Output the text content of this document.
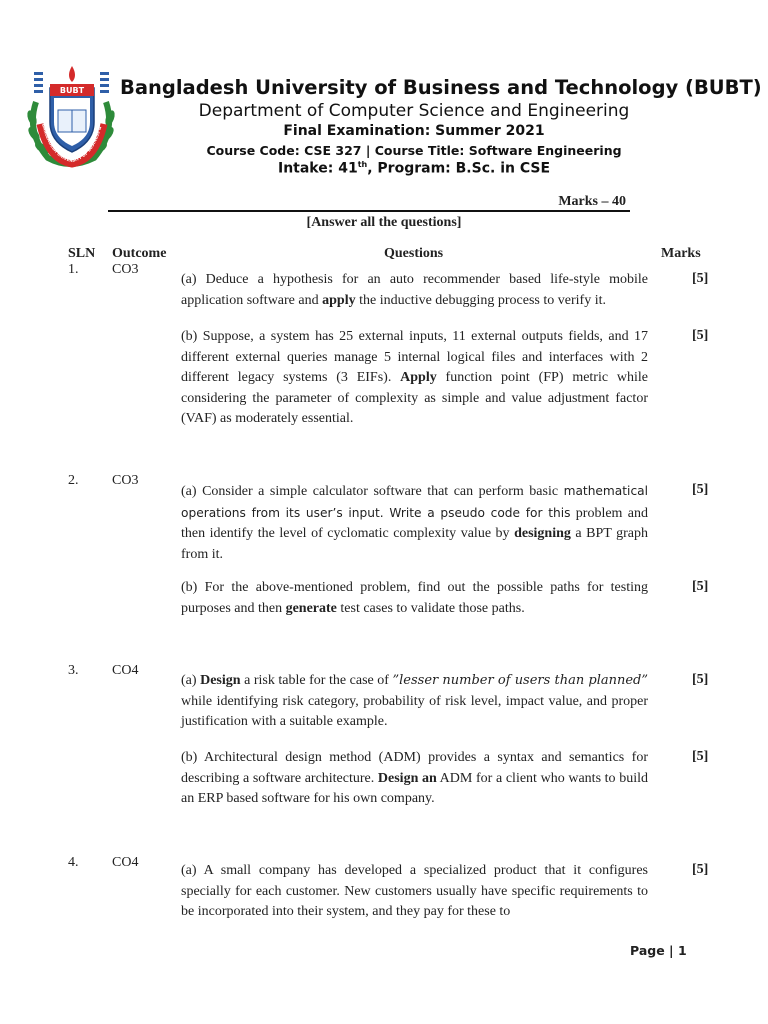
BUBT
BANGLADESH UNIVERSITY OF BUSINESS &
Bangladesh University of Business and Technology (BUBT)
Department of Computer Science and Engineering
Final Examination: Summer 2021
Course Code: CSE 327 | Course Title: Software Engineering
Intake: 41th, Program: B.Sc. in CSE
Marks – 40
[Answer all the questions]
SLN Outcome	Questions	Marks
1. CO3
(a) Deduce a hypothesis for an auto recommender based life-style mobile application software and apply the inductive debugging process to verify it.
[5]
(b) Suppose, a system has 25 external inputs, 11 external outputs fields, and 17 different external queries manage 5 internal logical files and interfaces with 2 different legacy systems (3 EIFs). Apply function point (FP) metric while considering the parameter of complexity as simple and value adjustment factor (VAF) as moderately essential.
[5]
2. CO3
(a) Consider a simple calculator software that can perform basic mathematical operations from its user’s input. Write a pseudo code for this problem and then identify the level of cyclomatic complexity value by designing a BPT graph from it.
[5]
(b) For the above-mentioned problem, find out the possible paths for testing purposes and then generate test cases to validate those paths.
[5]
3. CO4
(a) Design a risk table for the case of ”lesser number of users than planned” while identifying risk category, probability of risk level, impact value, and proper justification with a suitable example.
[5]
(b) Architectural design method (ADM) provides a syntax and semantics for describing a software architecture. Design an ADM for a client who wants to build an ERP based software for his own company.
[5]
4. CO4
(a) A small company has developed a specialized product that it configures specially for each customer. New customers usually have specific requirements to be incorporated into their system, and they pay for these to
[5]
Page | 1
